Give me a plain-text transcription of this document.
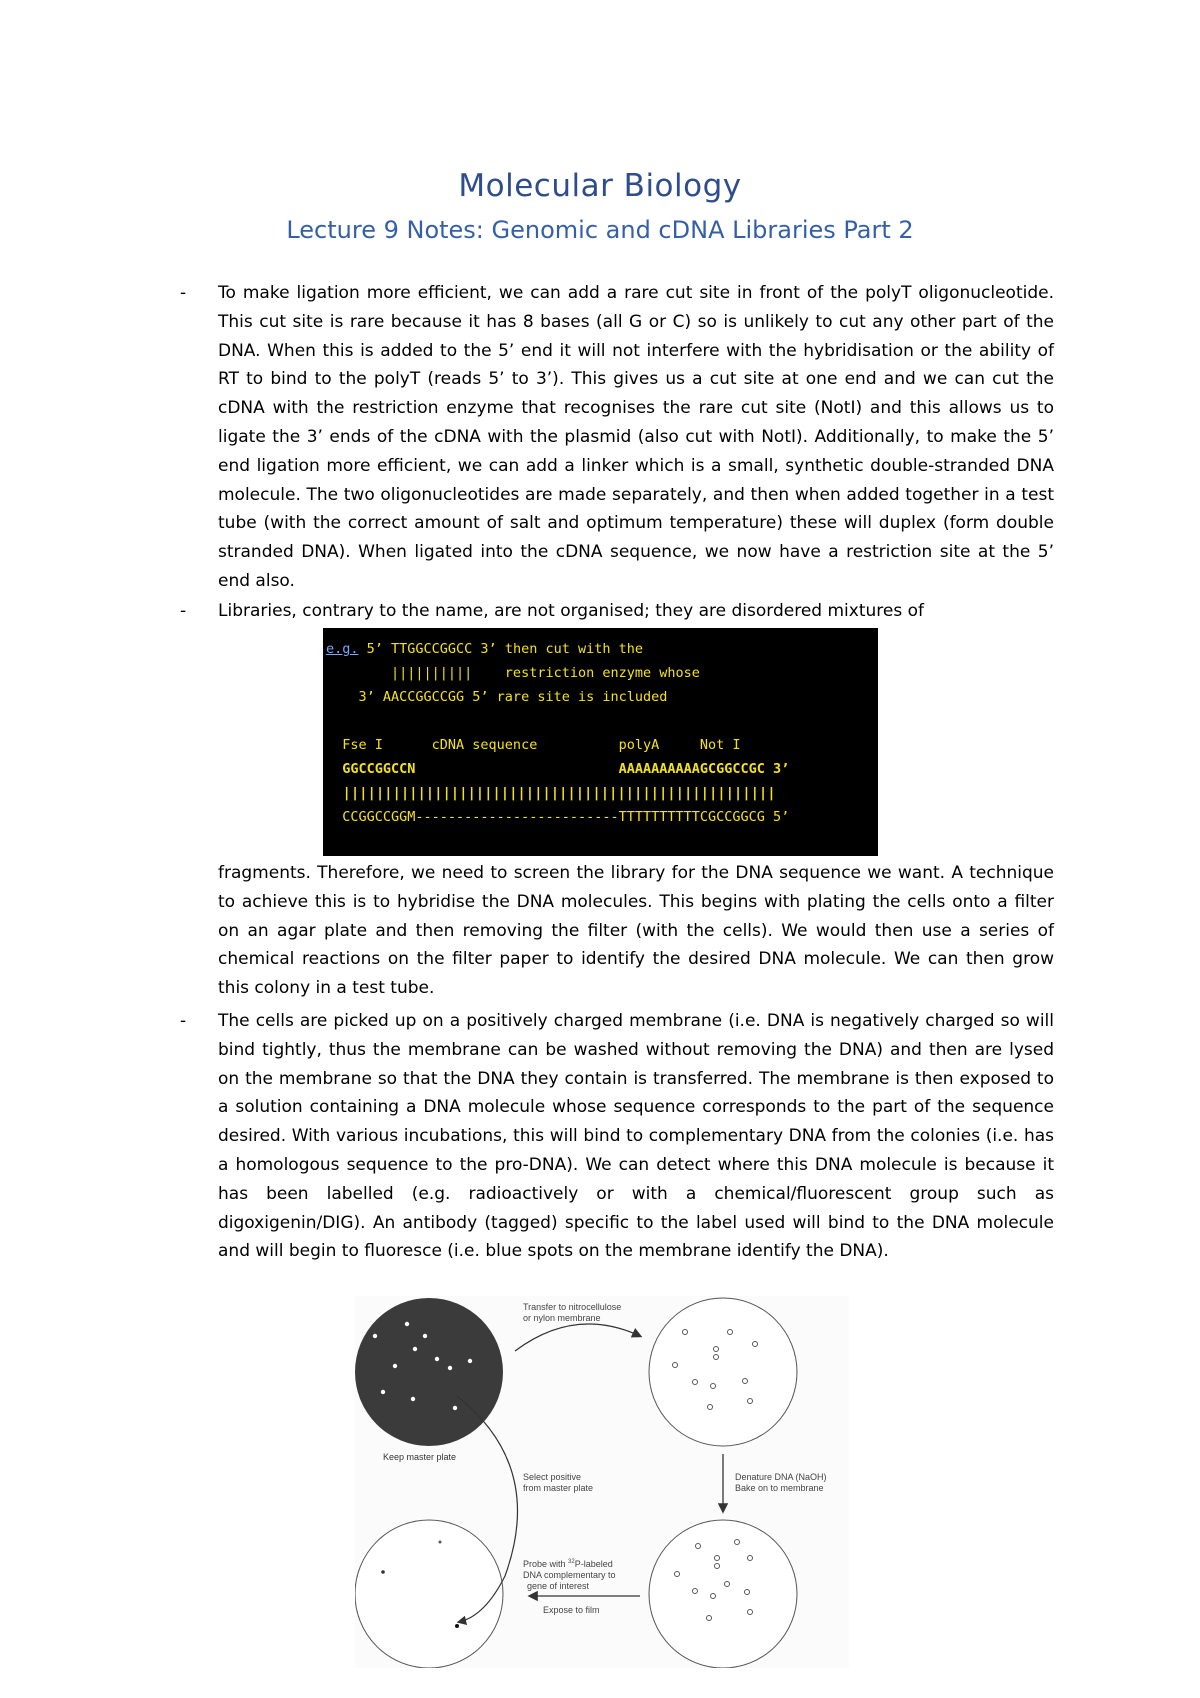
Molecular Biology
Lecture 9 Notes: Genomic and cDNA Libraries Part 2
- To make ligation more efficient, we can add a rare cut site in front of the polyT oligonucleotide. This cut site is rare because it has 8 bases (all G or C) so is unlikely to cut any other part of the DNA. When this is added to the 5’ end it will not interfere with the hybridisation or the ability of RT to bind to the polyT (reads 5’ to 3’). This gives us a cut site at one end and we can cut the cDNA with the restriction enzyme that recognises the rare cut site (NotI) and this allows us to ligate the 3’ ends of the cDNA with the plasmid (also cut with NotI). Additionally, to make the 5’ end ligation more efficient, we can add a linker which is a small, synthetic double-stranded DNA molecule. The two oligonucleotides are made separately, and then when added together in a test tube (with the correct amount of salt and optimum temperature) these will duplex (form double stranded DNA). When ligated into the cDNA sequence, we now have a restriction site at the 5’ end also.

- Libraries, contrary to the name, are not organised; they are disordered mixtures of

e.g. 5’ TTGGCCGGCC 3’ then cut with the
||||||||||    restriction enzyme whose
3’ AACCGGCCGG 5’ rare site is included
Fse I      cDNA sequence          polyA     Not I
GGCCGGCCN                         AAAAAAAAAAGCGGCCGC 3’
||||||||||||||||||||||||||||||||||||||||||||||||||||
CCGGCCGGM-------------------------TTTTTTTTTTCGCCGGCG 5’

fragments. Therefore, we need to screen the library for the DNA sequence we want. A technique to achieve this is to hybridise the DNA molecules. This begins with plating the cells onto a filter on an agar plate and then removing the filter (with the cells). We would then use a series of chemical reactions on the filter paper to identify the desired DNA molecule. We can then grow this colony in a test tube.

- The cells are picked up on a positively charged membrane (i.e. DNA is negatively charged so will bind tightly, thus the membrane can be washed without removing the DNA) and then are lysed on the membrane so that the DNA they contain is transferred. The membrane is then exposed to a solution containing a DNA molecule whose sequence corresponds to the part of the sequence desired. With various incubations, this will bind to complementary DNA from the colonies (i.e. has a homologous sequence to the pro-DNA). We can detect where this DNA molecule is because it has been labelled (e.g. radioactively or with a chemical/fluorescent group such as digoxigenin/DIG). An antibody (tagged) specific to the label used will bind to the DNA molecule and will begin to fluoresce (i.e. blue spots on the membrane identify the DNA).

Keep master plate
Transfer to nitrocellulose
or nylon membrane
Select positive
from master plate
Denature DNA (NaOH)
Bake on to membrane
Probe with $^{32}$P-labeled
DNA complementary to
gene of interest
Expose to film
